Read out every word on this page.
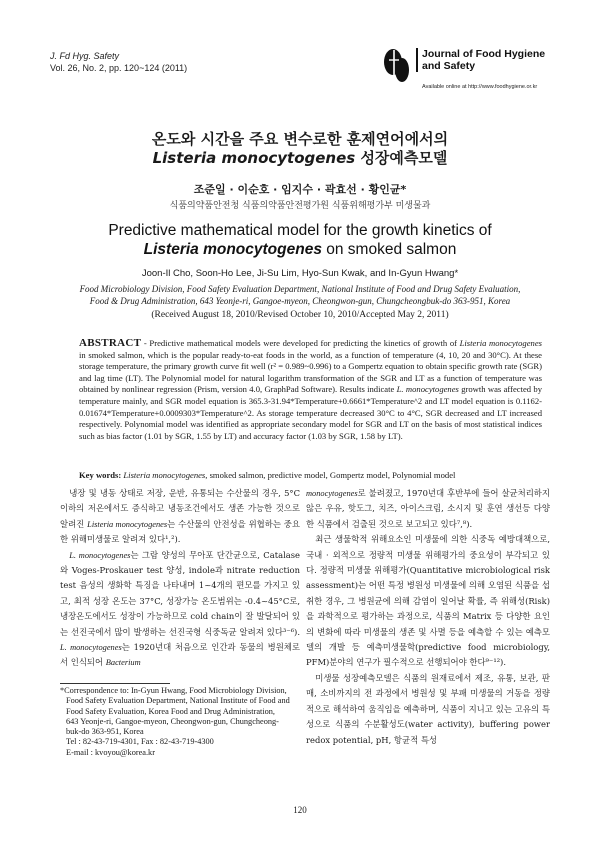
J. Fd Hyg. Safety
Vol. 26, No. 2, pp. 120~124 (2011)
Journal of Food Hygiene
and Safety
Available online at http://www.foodhygiene.or.kr
온도와 시간을 주요 변수로한 훈제연어에서의
Listeria monocytogenes 성장예측모델
조준일 · 이순호 · 임지수 · 곽효선 · 황인균*
식품의약품안전청 식품의약품안전평가원 식품위해평가부 미생물과
Predictive mathematical model for the growth kinetics of
Listeria monocytogenes on smoked salmon
Joon-Il Cho, Soon-Ho Lee, Ji-Su Lim, Hyo-Sun Kwak, and In-Gyun Hwang*
Food Microbiology Division, Food Safety Evaluation Department, National Institute of Food and Drug Safety Evaluation,
Food & Drug Administration, 643 Yeonje-ri, Gangoe-myeon, Cheongwon-gun, Chungcheongbuk-do 363-951, Korea
(Received August 18, 2010/Revised October 10, 2010/Accepted May 2, 2011)
ABSTRACT - Predictive mathematical models were developed for predicting the kinetics of growth of Listeria monocytogenes in smoked salmon, which is the popular ready-to-eat foods in the world, as a function of temperature (4, 10, 20 and 30°C). At these storage temperature, the primary growth curve fit well (r² = 0.989~0.996) to a Gompertz equation to obtain specific growth rate (SGR) and lag time (LT). The Polynomial model for natural logarithm transformation of the SGR and LT as a function of temperature was obtained by nonlinear regression (Prism, version 4.0, GraphPad Software). Results indicate L. monocytogenes growth was affected by temperature mainly, and SGR model equation is 365.3-31.94*Temperature+0.6661*Temperature^2 and LT model equation is 0.1162-0.01674*Temperature+0.0009303*Temperature^2. As storage temperature decreased 30°C to 4°C, SGR decreased and LT increased respectively. Polynomial model was identified as appropriate secondary model for SGR and LT on the basis of most statistical indices such as bias factor (1.01 by SGR, 1.55 by LT) and accuracy factor (1.03 by SGR, 1.58 by LT).
Key words: Listeria monocytogenes, smoked salmon, predictive model, Gompertz model, Polynomial model

냉장 및 냉동 상태로 저장, 운반, 유통되는 수산물의 경우, 5°C 이하의 저온에서도 증식하고 냉동조건에서도 생존 가능한 것으로 알려진 Listeria monocytogenes는 수산물의 안전성을 위협하는 중요한 위해미생물로 알려져 있다¹,²).

L. monocytogenes는 그람 양성의 무아포 단간균으로, Catalase와 Voges-Proskauer test 양성, indole과 nitrate reduction test 음성의 생화학 특징을 나타내며 1~4개의 편모를 가지고 있고, 최적 성장 온도는 37°C, 성장가능 온도범위는 -0.4~45°C로, 냉장온도에서도 성장이 가능하므로 cold chain이 잘 발달되어 있는 선진국에서 많이 발생하는 선진국형 식중독균 알려져 있다³⁻⁶). L. monocytogenes는 1920년대 처음으로 인간과 동물의 병원체로서 인식되어 Bacterium

*Correspondence to: In-Gyun Hwang, Food Microbiology Division,
Food Safety Evaluation Department, National Institute of Food and
Food Safety Evaluation, Korea Food and Drug Administration,
643 Yeonje-ri, Gangoe-myeon, Cheongwon-gun, Chungcheong-
buk-do 363-951, Korea
Tel : 82-43-719-4301, Fax : 82-43-719-4300
E-mail : kvoyou@korea.kr

monocytogenes로 불려졌고, 1970년대 후반부에 들어 살균처리하지 않은 우유, 핫도그, 치즈, 아이스크림, 소시지 및 훈연 생선등 다양한 식품에서 검출된 것으로 보고되고 있다⁷,⁸).

최근 생물학적 위해요소인 미생물에 의한 식중독 예방대책으로, 국내 · 외적으로 정량적 미생물 위해평가의 중요성이 부각되고 있다. 정량적 미생물 위해평가(Quantitative microbiological risk assessment)는 어떤 특정 병원성 미생물에 의해 오염된 식품을 섭취한 경우, 그 병원균에 의해 감염이 일어날 확률, 즉 위해성(Risk)을 과학적으로 평가하는 과정으로, 식품의 Matrix 등 다양한 요인의 변화에 따라 미생물의 생존 및 사멸 등을 예측할 수 있는 예측모델의 개발 등 예측미생물학(predictive food microbiology, PFM)분야의 연구가 필수적으로 선행되어야 한다⁹⁻¹²).

미생물 성장예측모델은 식품의 원재료에서 제조, 유통, 보관, 판매, 소비까지의 전 과정에서 병원성 및 부패 미생물의 거동을 정량적으로 해석하여 움직임을 예측하며, 식품이 지니고 있는 고유의 특성으로 식품의 수분활성도(water activity), buffering power redox potential, pH, 항균적 특성

120
